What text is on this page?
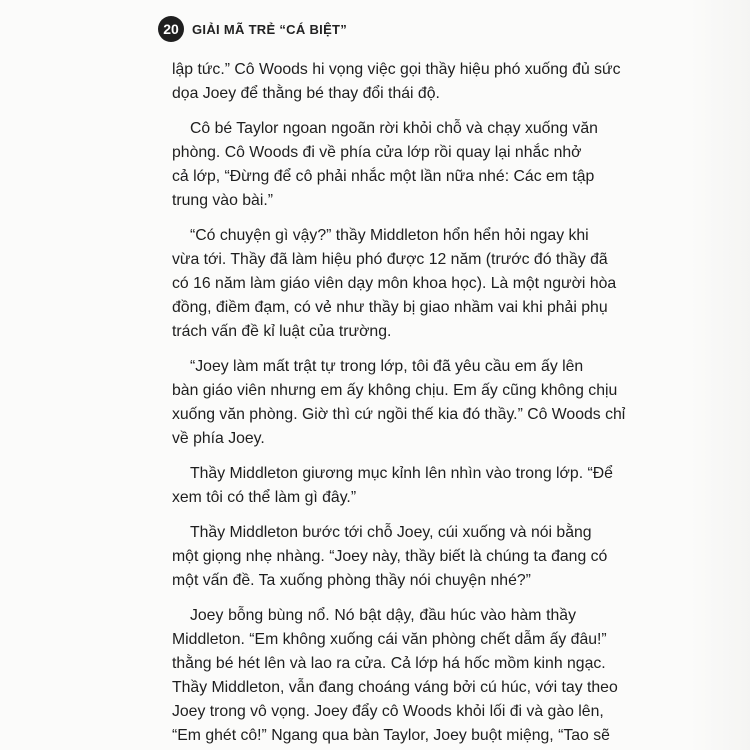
20	GIẢI MÃ TRẺ “CÁ BIỆT”
lập tức.” Cô Woods hi vọng việc gọi thầy hiệu phó xuống đủ sức
dọa Joey để thằng bé thay đổi thái độ.
Cô bé Taylor ngoan ngoãn rời khỏi chỗ và chạy xuống văn
phòng. Cô Woods đi về phía cửa lớp rồi quay lại nhắc nhở
cả lớp, “Đừng để cô phải nhắc một lần nữa nhé: Các em tập
trung vào bài.”
“Có chuyện gì vậy?” thầy Middleton hổn hển hỏi ngay khi
vừa tới. Thầy đã làm hiệu phó được 12 năm (trước đó thầy đã
có 16 năm làm giáo viên dạy môn khoa học). Là một người hòa
đồng, điềm đạm, có vẻ như thầy bị giao nhầm vai khi phải phụ
trách vấn đề kỉ luật của trường.
“Joey làm mất trật tự trong lớp, tôi đã yêu cầu em ấy lên
bàn giáo viên nhưng em ấy không chịu. Em ấy cũng không chịu
xuống văn phòng. Giờ thì cứ ngồi thế kia đó thầy.” Cô Woods chỉ
về phía Joey.
Thầy Middleton giương mục kỉnh lên nhìn vào trong lớp. “Để
xem tôi có thể làm gì đây.”
Thầy Middleton bước tới chỗ Joey, cúi xuống và nói bằng
một giọng nhẹ nhàng. “Joey này, thầy biết là chúng ta đang có
một vấn đề. Ta xuống phòng thầy nói chuyện nhé?”
Joey bỗng bùng nổ. Nó bật dậy, đầu húc vào hàm thầy
Middleton. “Em không xuống cái văn phòng chết dẫm ấy đâu!”
thằng bé hét lên và lao ra cửa. Cả lớp há hốc mồm kinh ngạc.
Thầy Middleton, vẫn đang choáng váng bởi cú húc, với tay theo
Joey trong vô vọng. Joey đẩy cô Woods khỏi lối đi và gào lên,
“Em ghét cô!” Ngang qua bàn Taylor, Joey buột miệng, “Tao sẽ
